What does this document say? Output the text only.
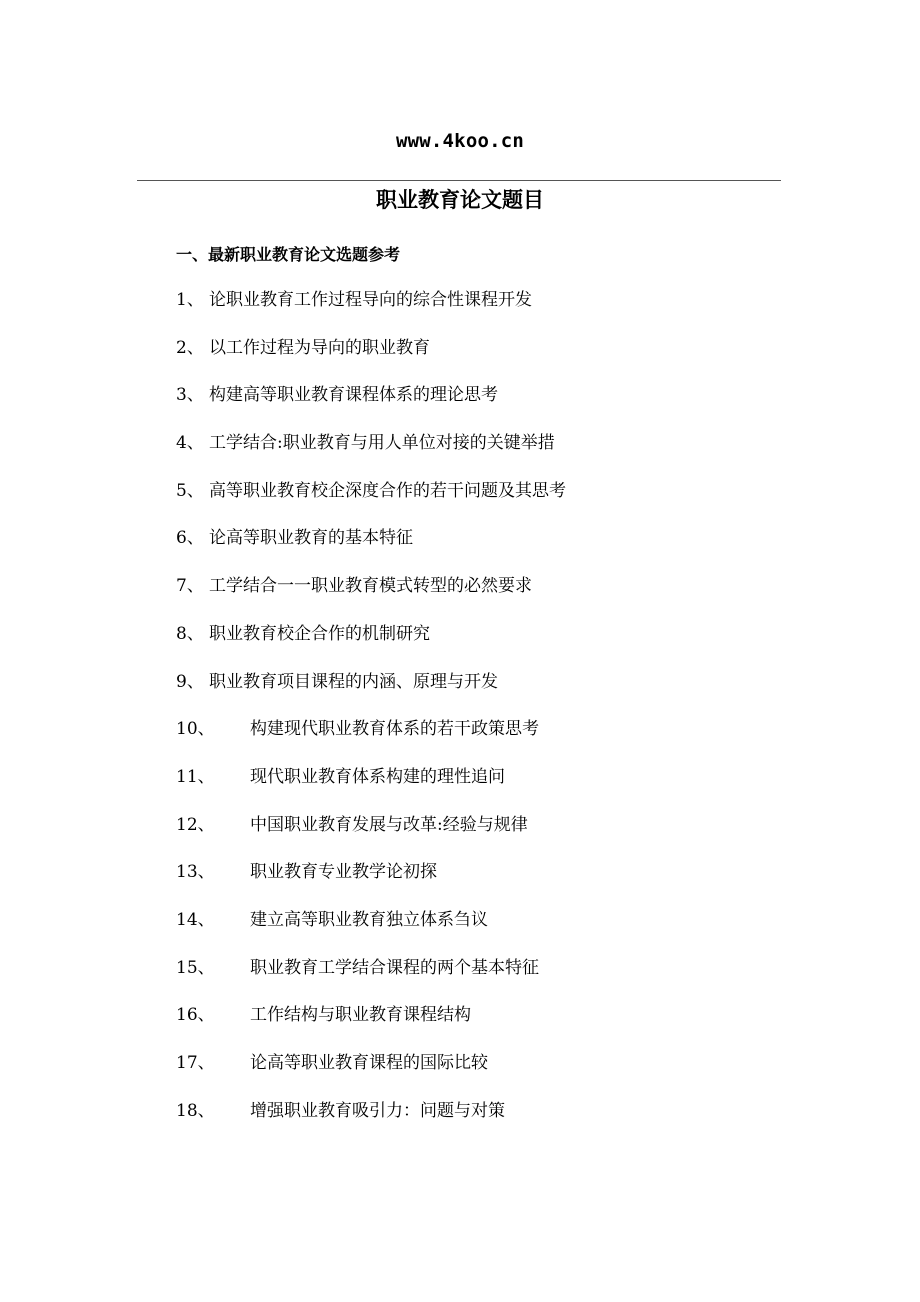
www.4koo.cn
职业教育论文题目
一、最新职业教育论文选题参考
1、 论职业教育工作过程导向的综合性课程开发
2、 以工作过程为导向的职业教育
3、 构建高等职业教育课程体系的理论思考
4、 工学结合:职业教育与用人单位对接的关键举措
5、 高等职业教育校企深度合作的若干问题及其思考
6、 论高等职业教育的基本特征
7、 工学结合一一职业教育模式转型的必然要求
8、 职业教育校企合作的机制研究
9、 职业教育项目课程的内涵、原理与开发
10、	构建现代职业教育体系的若干政策思考
11、	现代职业教育体系构建的理性追问
12、	中国职业教育发展与改革:经验与规律
13、	职业教育专业教学论初探
14、	建立高等职业教育独立体系刍议
15、	职业教育工学结合课程的两个基本特征
16、	工作结构与职业教育课程结构
17、	论高等职业教育课程的国际比较
18、	增强职业教育吸引力：问题与对策
